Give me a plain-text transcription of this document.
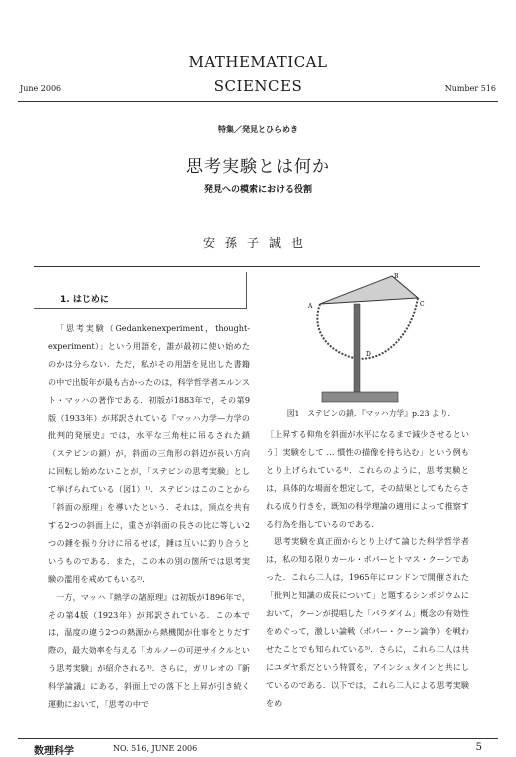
MATHEMATICAL
SCIENCES
June 2006	Number 516
特集／発見とひらめき
思考実験とは何か
発見への模索における役割
安孫子誠也
1. はじめに

「思考実験（Gedankenexperiment，thought-experiment）」という用語を，誰が最初に使い始めたのかは分らない．ただ，私がその用語を見出した書籍の中で出版年が最も古かったのは，科学哲学者エルンスト・マッハの著作である．初版が1883年で，その第9版（1933年）が邦訳されている『マッハ力学—力学の批判的発展史』では，水平な三角柱に吊るされた鎖（ステビンの鎖）が，斜面の三角形の斜辺が長い方向に回転し始めないことが，「ステビンの思考実験」として挙げられている（図1）¹⁾．ステビンはこのことから「斜面の原理」を導いたという．それは，頂点を共有する2つの斜面上に，重さが斜面の長さの比に等しい2つの錘を振り分けに吊るせば，錘は互いに釣り合うというものである．また，この本の別の箇所では思考実験の濫用を戒めてもいる²⁾．

一方，マッハ『熱学の諸原理』は初版が1896年で，その第4版（1923年）が邦訳されている．この本では，温度の違う2つの熱源から熱機関が仕事をとりだす際の，最大効率を与える「カルノーの可逆サイクルという思考実験」が紹介される³⁾．さらに，ガリレオの『新科学論議』にある，斜面上での落下と上昇が引き続く運動において，「思考の中で

B
A	C
D
図1　ステビンの鎖．『マッハ力学』p.23 より．

［上昇する仰角を斜面が水平になるまで減少させるという］実験をして … 慣性の描像を持ち込む」という例もとり上げられている⁴⁾．これらのように，思考実験とは，具体的な場面を想定して，その結果としてもたらされる成り行きを，既知の科学理論の適用によって推察する行為を指しているのである．

思考実験を真正面からとり上げて論じた科学哲学者は，私の知る限りカール・ポパーとトマス・クーンであった．これら二人は，1965年にロンドンで開催された「批判と知識の成長について」と題するシンポジウムにおいて，クーンが提唱した「パラダイム」概念の有効性をめぐって，激しい論戦（ポパー・クーン論争）を戦わせたことでも知られている⁵⁾．さらに，これら二人は共にユダヤ系だという特質を，アインシュタインと共にしているのである．以下では，これら二人による思考実験をめ

数理科学	NO. 516, JUNE 2006	5
